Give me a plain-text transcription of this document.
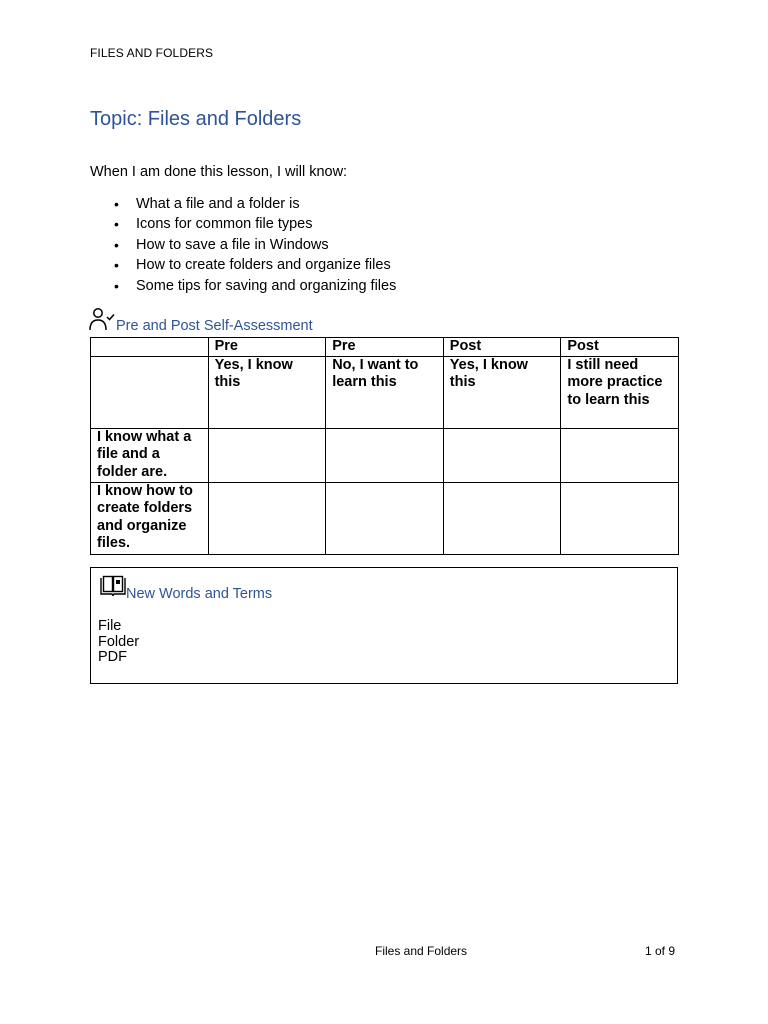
FILES AND FOLDERS
Topic: Files and Folders
When I am done this lesson, I will know:
• What a file and a folder is
• Icons for common file types
• How to save a file in Windows
• How to create folders and organize files
• Some tips for saving and organizing files
Pre and Post Self-Assessment
	Pre	Pre	Post	Post
	Yes, I know this	No, I want to learn this	Yes, I know this	I still need more practice to learn this
I know what a file and a folder are.				
I know how to create folders and organize files.				
New Words and Terms
File
Folder
PDF
Files and Folders	1 of 9
